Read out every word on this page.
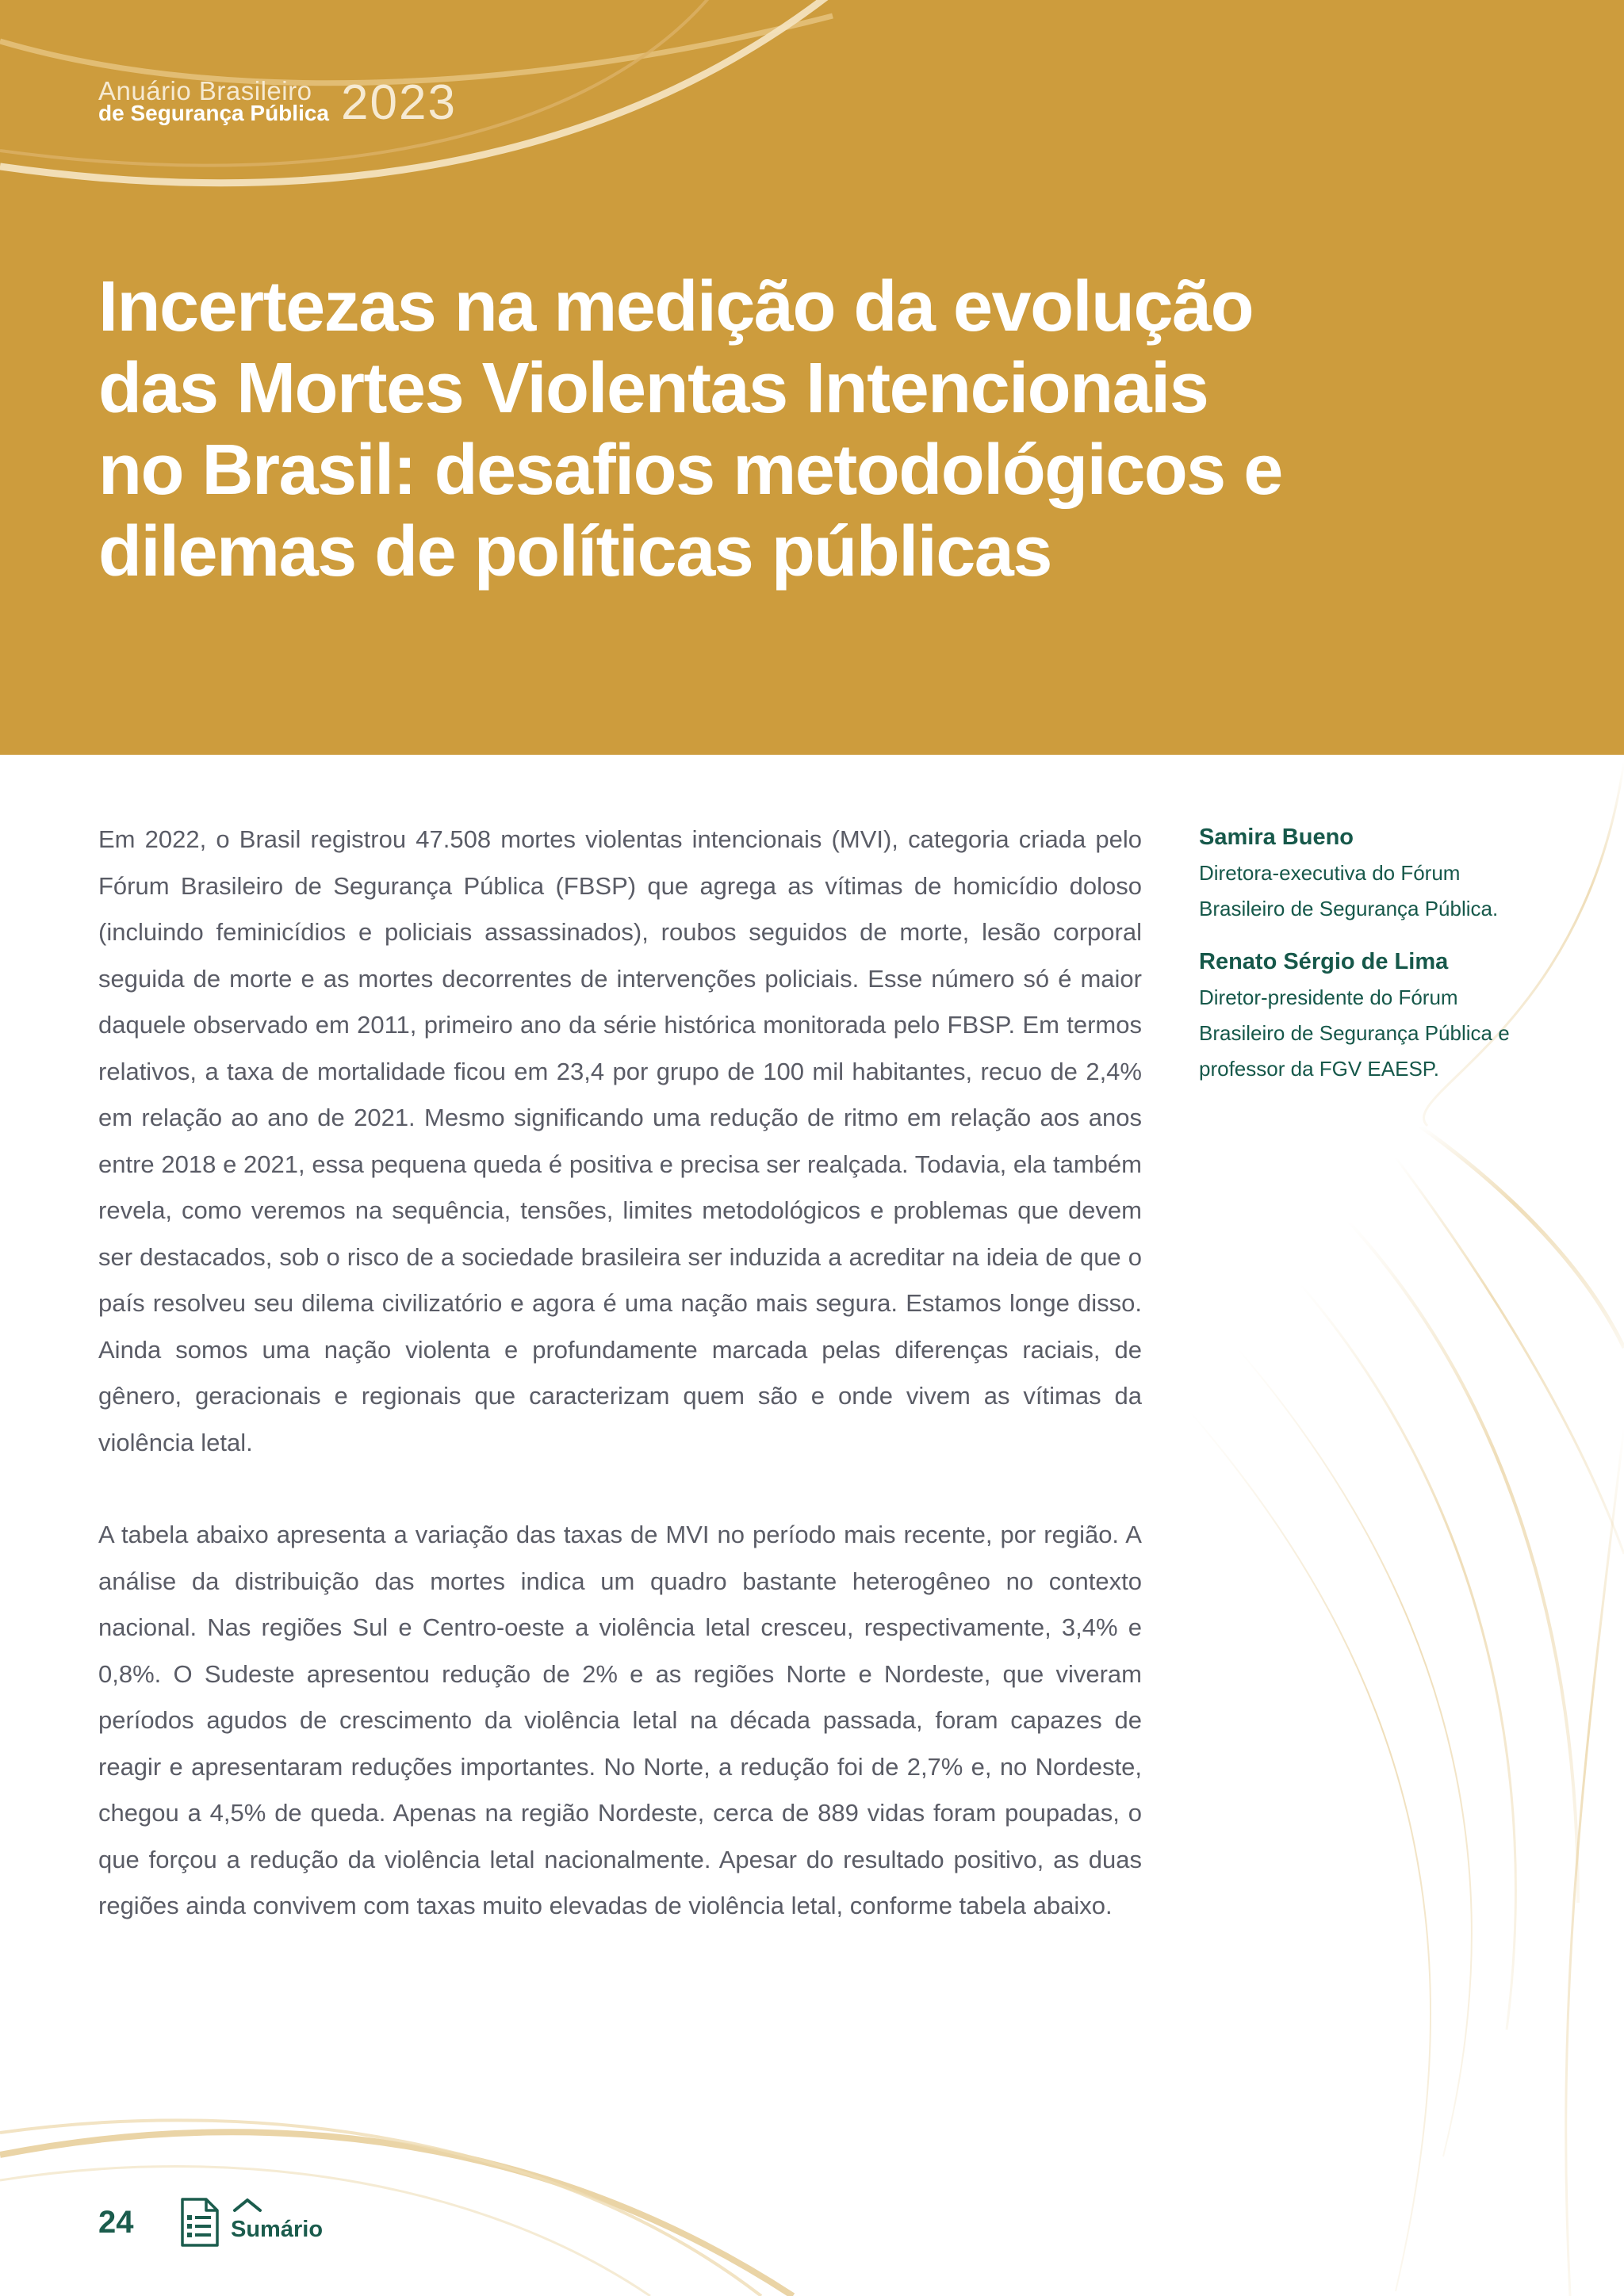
Anuário Brasileiro
de Segurança Pública 2023
Incertezas na medição da evolução das Mortes Violentas Intencionais no Brasil: desafios metodológicos e dilemas de políticas públicas

Em 2022, o Brasil registrou 47.508 mortes violentas intencionais (MVI), categoria criada pelo Fórum Brasileiro de Segurança Pública (FBSP) que agrega as vítimas de homicídio doloso (incluindo feminicídios e policiais assassinados), roubos seguidos de morte, lesão corporal seguida de morte e as mortes decorrentes de intervenções policiais. Esse número só é maior daquele observado em 2011, primeiro ano da série histórica monitorada pelo FBSP. Em termos relativos, a taxa de mortalidade ficou em 23,4 por grupo de 100 mil habitantes, recuo de 2,4% em relação ao ano de 2021. Mesmo significando uma redução de ritmo em relação aos anos entre 2018 e 2021, essa pequena queda é positiva e precisa ser realçada. Todavia, ela também revela, como veremos na sequência, tensões, limites metodológicos e problemas que devem ser destacados, sob o risco de a sociedade brasileira ser induzida a acreditar na ideia de que o país resolveu seu dilema civilizatório e agora é uma nação mais segura. Estamos longe disso. Ainda somos uma nação violenta e profundamente marcada pelas diferenças raciais, de gênero, geracionais e regionais que caracterizam quem são e onde vivem as vítimas da violência letal.

A tabela abaixo apresenta a variação das taxas de MVI no período mais recente, por região. A análise da distribuição das mortes indica um quadro bastante heterogêneo no contexto nacional. Nas regiões Sul e Centro-oeste a violência letal cresceu, respectivamente, 3,4% e 0,8%. O Sudeste apresentou redução de 2% e as regiões Norte e Nordeste, que viveram períodos agudos de crescimento da violência letal na década passada, foram capazes de reagir e apresentaram reduções importantes. No Norte, a redução foi de 2,7% e, no Nordeste, chegou a 4,5% de queda. Apenas na região Nordeste, cerca de 889 vidas foram poupadas, o que forçou a redução da violência letal nacionalmente. Apesar do resultado positivo, as duas regiões ainda convivem com taxas muito elevadas de violência letal, conforme tabela abaixo.

Samira Bueno
Diretora-executiva do Fórum Brasileiro de Segurança Pública.
Renato Sérgio de Lima
Diretor-presidente do Fórum Brasileiro de Segurança Pública e professor da FGV EAESP.
24	Sumário
